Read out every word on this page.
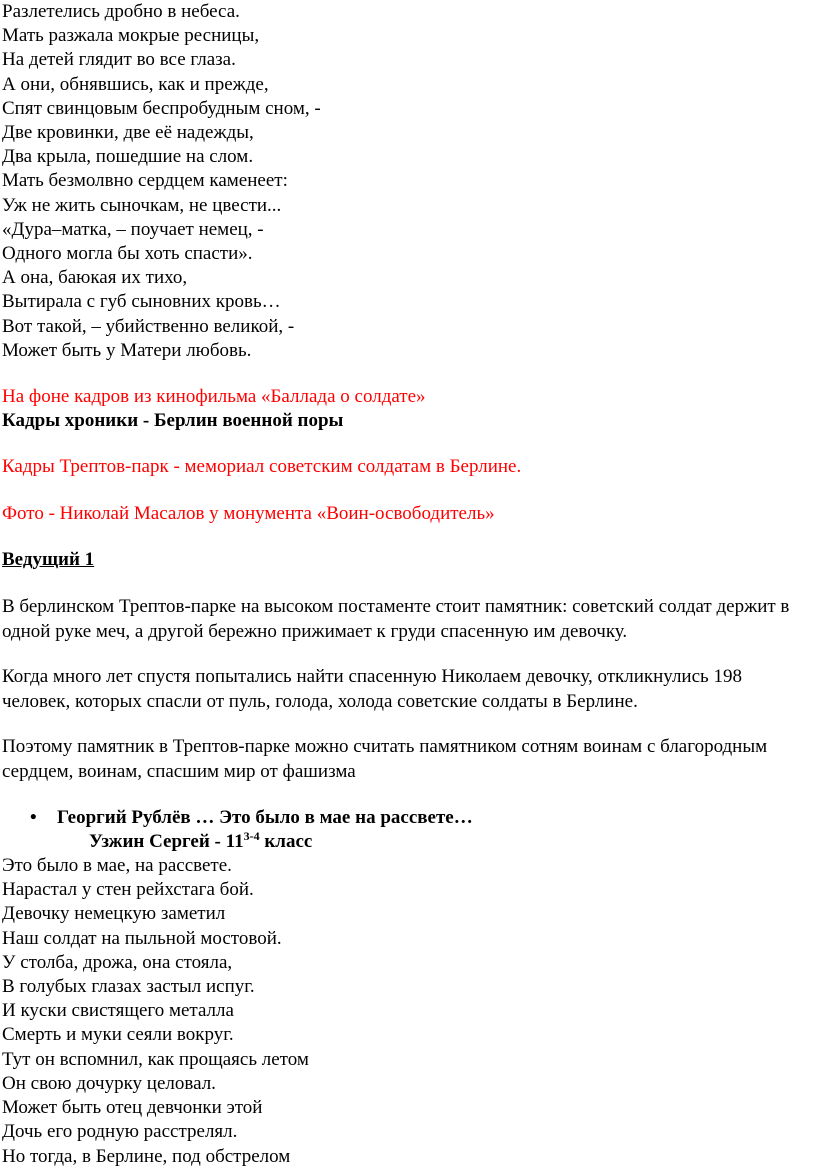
Разлетелись дробно в небеса.
Мать разжала мокрые ресницы,
На детей глядит во все глаза.
А они, обнявшись, как и прежде,
Спят свинцовым беспробудным сном, -
Две кровинки, две её надежды,
Два крыла, пошедшие на слом.
Мать безмолвно сердцем каменеет:
Уж не жить сыночкам, не цвести...
«Дура–матка, – поучает немец, -
Одного могла бы хоть спасти».
А она, баюкая их тихо,
Вытирала с губ сыновних кровь…
Вот такой, – убийственно великой, -
Может быть у Матери любовь.
На фоне кадров из кинофильма «Баллада о солдате»
Кадры хроники - Берлин военной поры
Кадры Трептов-парк - мемориал советским солдатам в Берлине.
Фото - Николай Масалов у монумента «Воин-освободитель»
Ведущий 1
В берлинском Трептов-парке на высоком постаменте стоит памятник: советский солдат держит в одной руке меч, а другой бережно прижимает к груди спасенную им девочку.
Когда много лет спустя попытались найти спасенную Николаем девочку, откликнулись 198 человек, которых спасли от пуль, голода, холода советские солдаты в Берлине.
Поэтому памятник в Трептов-парке можно считать памятником сотням воинам с благородным сердцем, воинам, спасшим мир от фашизма
• Георгий Рублёв … Это было в мае на рассвете…
Узжин Сергей - 11$^{3-4}$ класс
Это было в мае, на рассвете.
Нарастал у стен рейхстага бой.
Девочку немецкую заметил
Наш солдат на пыльной мостовой.
У столба, дрожа, она стояла,
В голубых глазах застыл испуг.
И куски свистящего металла
Смерть и муки сеяли вокруг.
Тут он вспомнил, как прощаясь летом
Он свою дочурку целовал.
Может быть отец девчонки этой
Дочь его родную расстрелял.
Но тогда, в Берлине, под обстрелом
